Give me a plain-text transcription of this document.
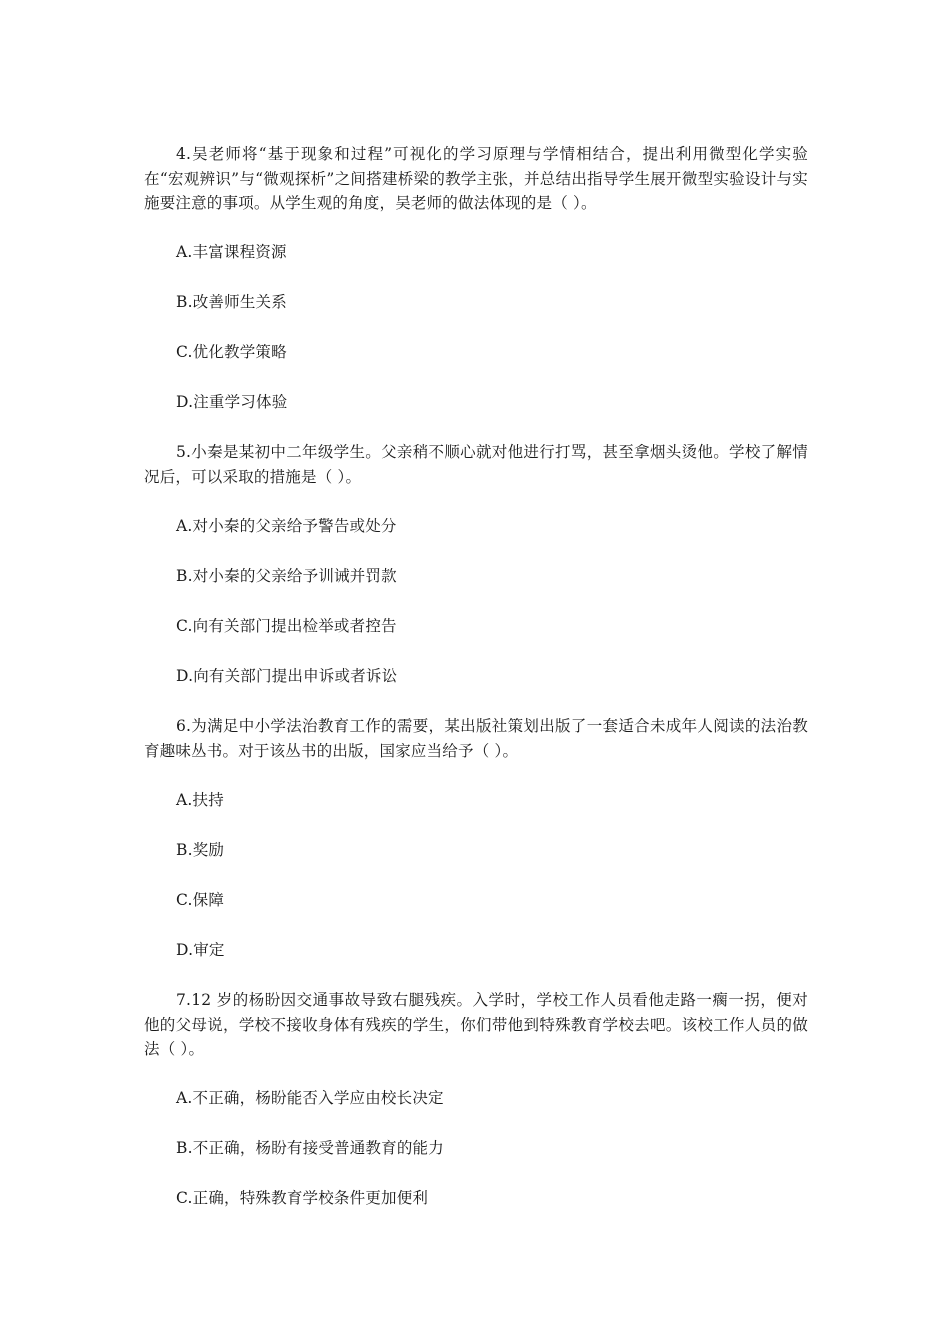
4.吴老师将“基于现象和过程”可视化的学习原理与学情相结合，提出利用微型化学实验在“宏观辨识”与“微观探析”之间搭建桥梁的教学主张，并总结出指导学生展开微型实验设计与实施要注意的事项。从学生观的角度，吴老师的做法体现的是（ ）。
A.丰富课程资源
B.改善师生关系
C.优化教学策略
D.注重学习体验
5.小秦是某初中二年级学生。父亲稍不顺心就对他进行打骂，甚至拿烟头烫他。学校了解情况后，可以采取的措施是（ ）。
A.对小秦的父亲给予警告或处分
B.对小秦的父亲给予训诫并罚款
C.向有关部门提出检举或者控告
D.向有关部门提出申诉或者诉讼
6.为满足中小学法治教育工作的需要，某出版社策划出版了一套适合未成年人阅读的法治教育趣味丛书。对于该丛书的出版，国家应当给予（ ）。
A.扶持
B.奖励
C.保障
D.审定
7.12 岁的杨盼因交通事故导致右腿残疾。入学时，学校工作人员看他走路一瘸一拐，便对他的父母说，学校不接收身体有残疾的学生，你们带他到特殊教育学校去吧。该校工作人员的做法（ ）。
A.不正确，杨盼能否入学应由校长决定
B.不正确，杨盼有接受普通教育的能力
C.正确，特殊教育学校条件更加便利
